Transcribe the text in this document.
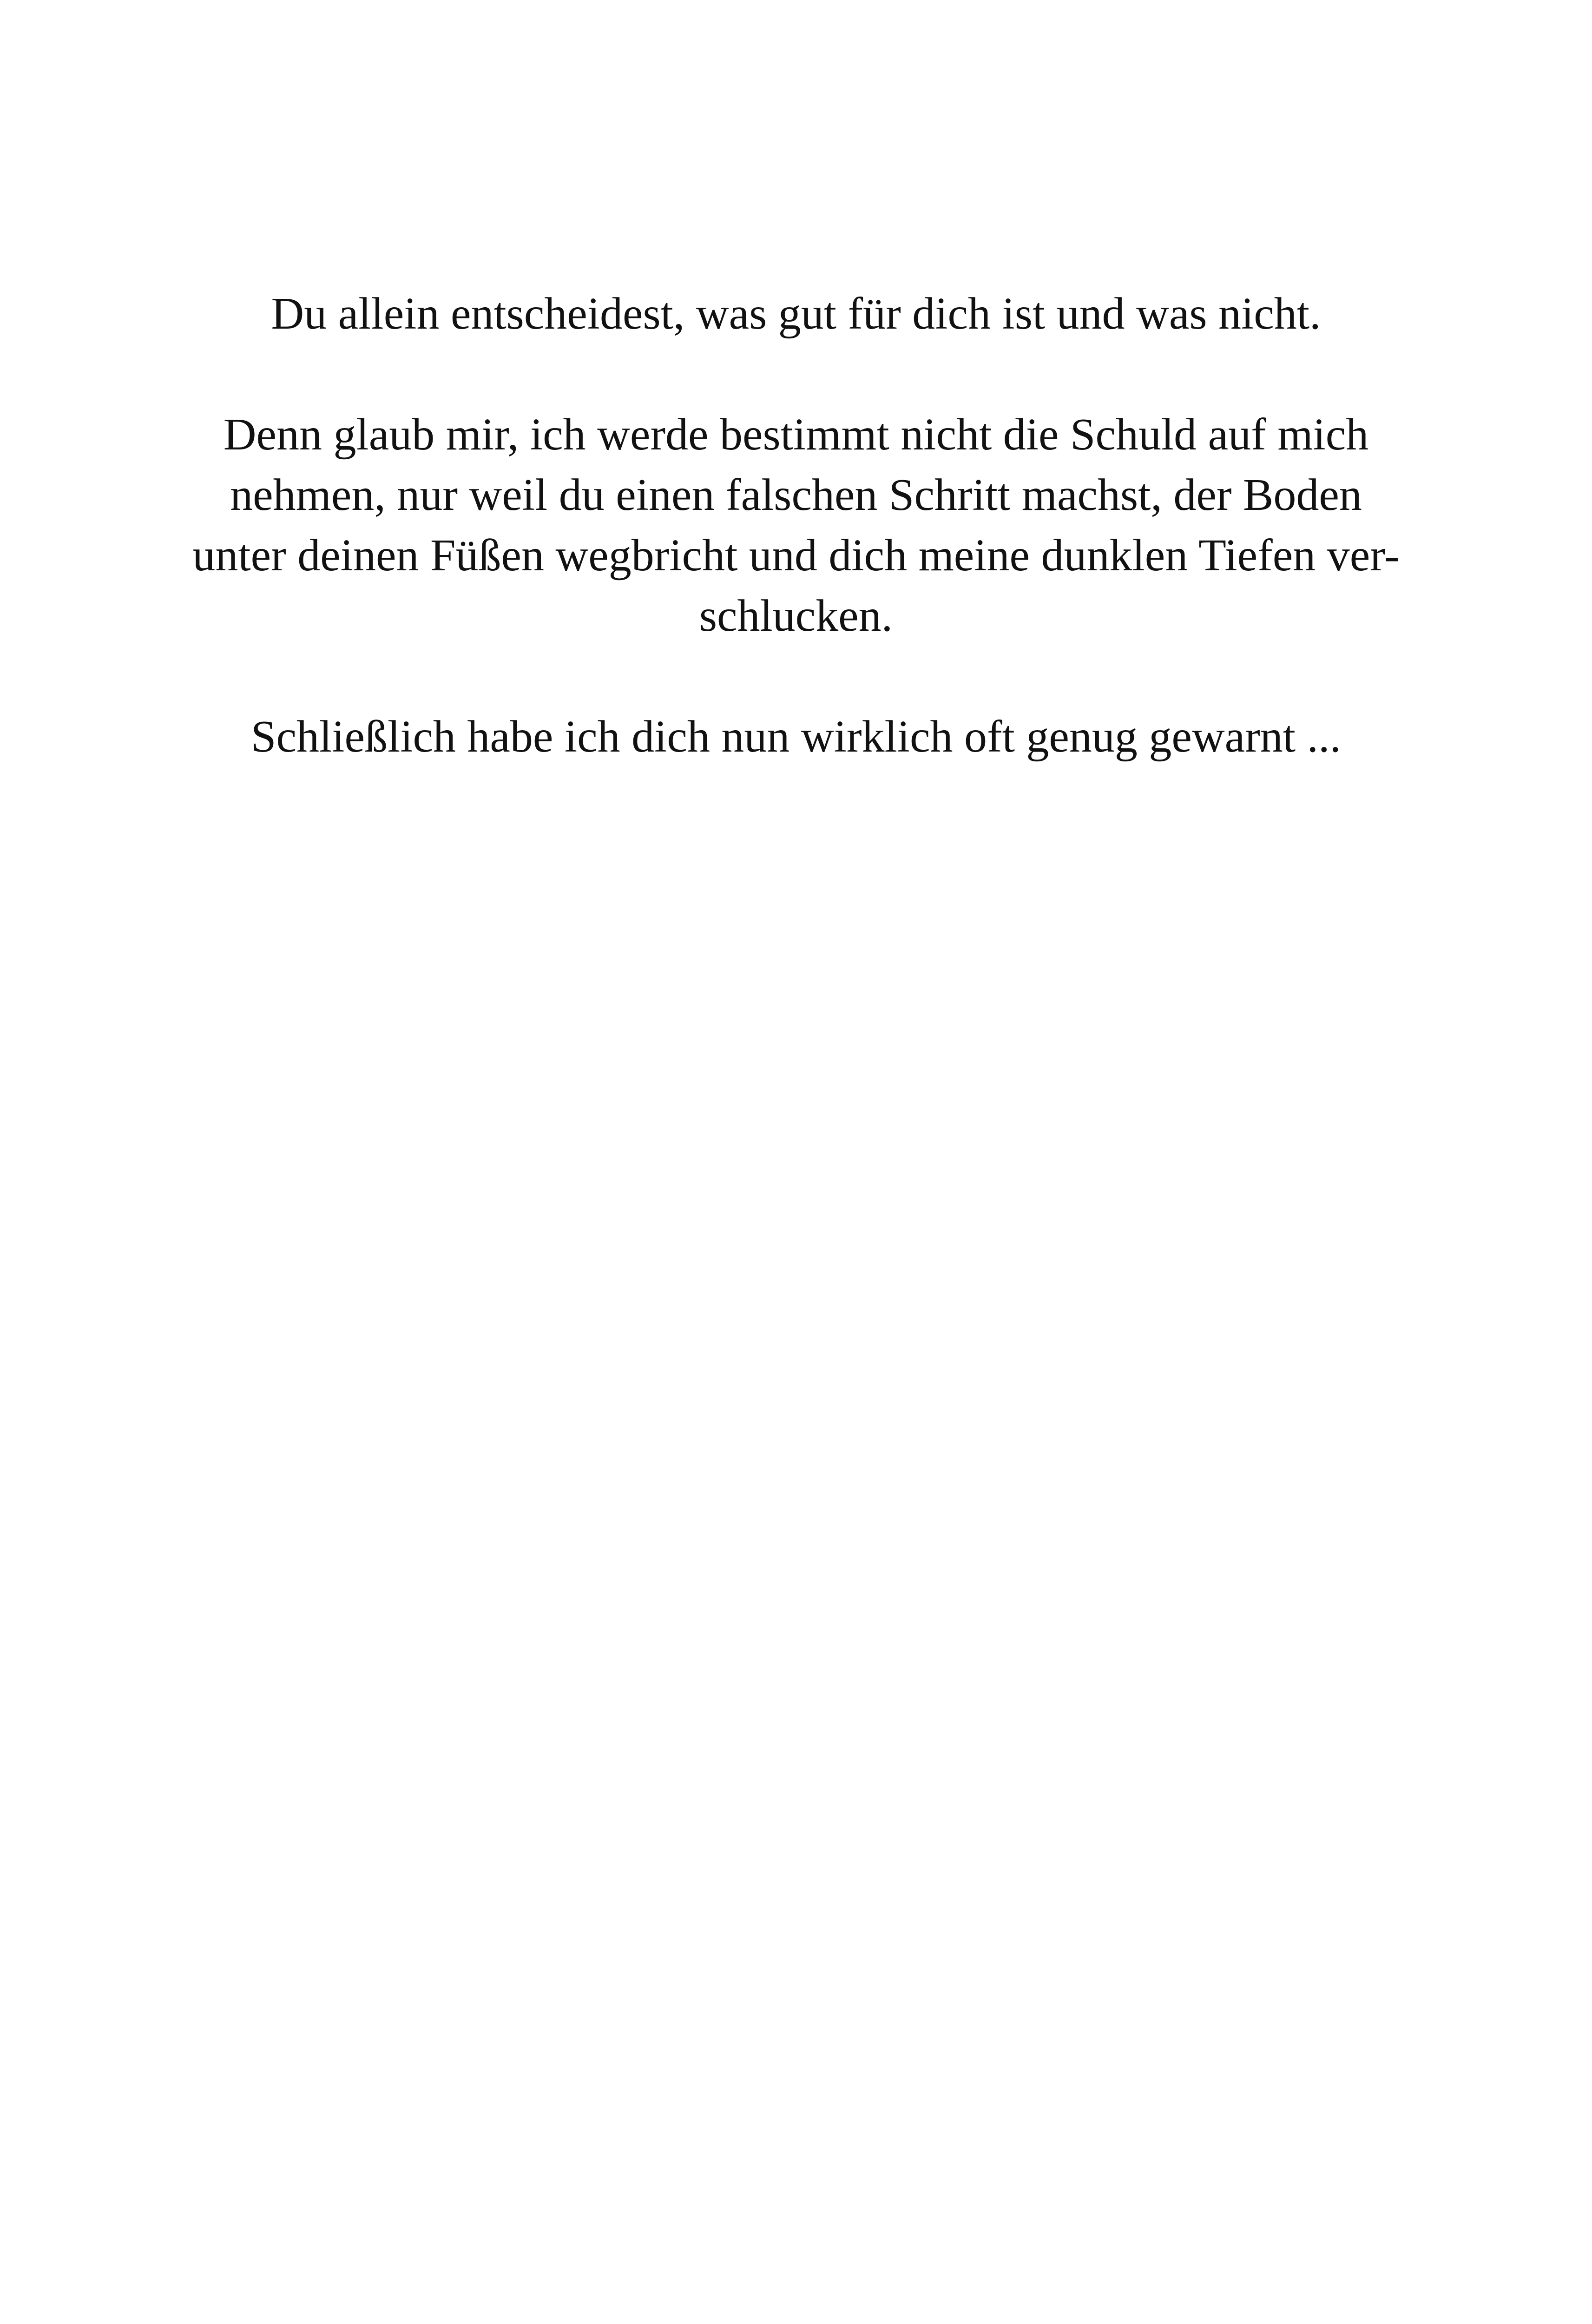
Du allein entscheidest, was gut für dich ist und was nicht.

Denn glaub mir, ich werde bestimmt nicht die Schuld auf mich
nehmen, nur weil du einen falschen Schritt machst, der Boden
unter deinen Füßen wegbricht und dich meine dunklen Tiefen ver-
schlucken.

Schließlich habe ich dich nun wirklich oft genug gewarnt ...
